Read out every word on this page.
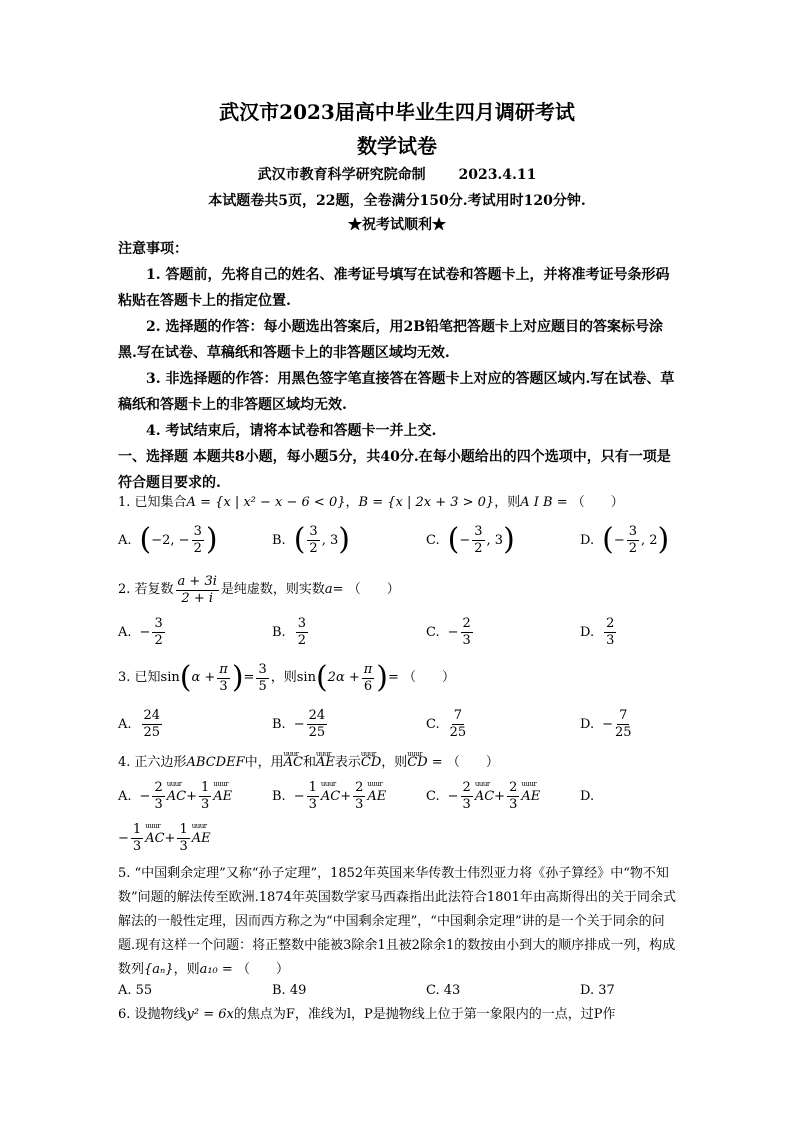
武汉市2023届高中毕业生四月调研考试
数学试卷
武汉市教育科学研究院命制 2023.4.11
本试题卷共5页，22题，全卷满分150分.考试用时120分钟.
★祝考试顺利★
注意事项：
1. 答题前，先将自己的姓名、准考证号填写在试卷和答题卡上，并将准考证号条形码粘贴在答题卡上的指定位置.
2. 选择题的作答：每小题选出答案后，用2B铅笔把答题卡上对应题目的答案标号涂黑.写在试卷、草稿纸和答题卡上的非答题区域均无效.
3. 非选择题的作答：用黑色签字笔直接答在答题卡上对应的答题区域内.写在试卷、草稿纸和答题卡上的非答题区域均无效.
4. 考试结束后，请将本试卷和答题卡一并上交.
一、选择题 本题共8小题，每小题5分，共40分.在每小题给出的四个选项中，只有一项是符合题目要求的.
1. 已知集合A = {x | x² − x − 6 < 0}，B = {x | 2x + 3 > 0}，则A I B = （　　）
A. ( −2, − $\frac{3}{2}$ )	B. ( $\frac{3}{2}$ , 3 )	C. ( − $\frac{3}{2}$ , 3 )	D. ( − $\frac{3}{2}$ , 2 )
2. 若复数 $\frac{a + 3i}{2 + i}$ 是纯虚数，则实数 a = （　　）
A. − $\frac{3}{2}$	B. $\frac{3}{2}$	C. − $\frac{2}{3}$	D. $\frac{2}{3}$
3. 已知 sin ( $\alpha + \frac{\pi}{3}$ ) = $\frac{3}{5}$ ，则 sin ( $2\alpha + \frac{\pi}{6}$ ) = （　　）
A. $\frac{24}{25}$	B. − $\frac{24}{25}$	C. $\frac{7}{25}$	D. − $\frac{7}{25}$
4. 正六边形ABCDEF中，用uuur AC和uuur AE表示uuur CD，则uuur CD = （　　）
A. − $\frac{2}{3}$ uuur AC + $\frac{1}{3}$ uuur AE	B. − $\frac{1}{3}$ uuur AC + $\frac{2}{3}$ uuur AE	C. − $\frac{2}{3}$ uuur AC + $\frac{2}{3}$ uuur AE	D.
− $\frac{1}{3}$ uuur AC + $\frac{1}{3}$ uuur AE
5. “中国剩余定理”又称“孙子定理”，1852年英国来华传教士伟烈亚力将《孙子算经》中“物不知数”问题的解法传至欧洲.1874年英国数学家马西森指出此法符合1801年由高斯得出的关于同余式解法的一般性定理，因而西方称之为“中国剩余定理”，“中国剩余定理”讲的是一个关于同余的问题.现有这样一个问题：将正整数中能被3除余1且被2除余1的数按由小到大的顺序排成一列，构成数列{aₙ}，则a₁₀ = （　　）
A. 55	B. 49	C. 43	D. 37
6. 设抛物线y² = 6x的焦点为F，准线为l，P是抛物线上位于第一象限内的一点，过P作
